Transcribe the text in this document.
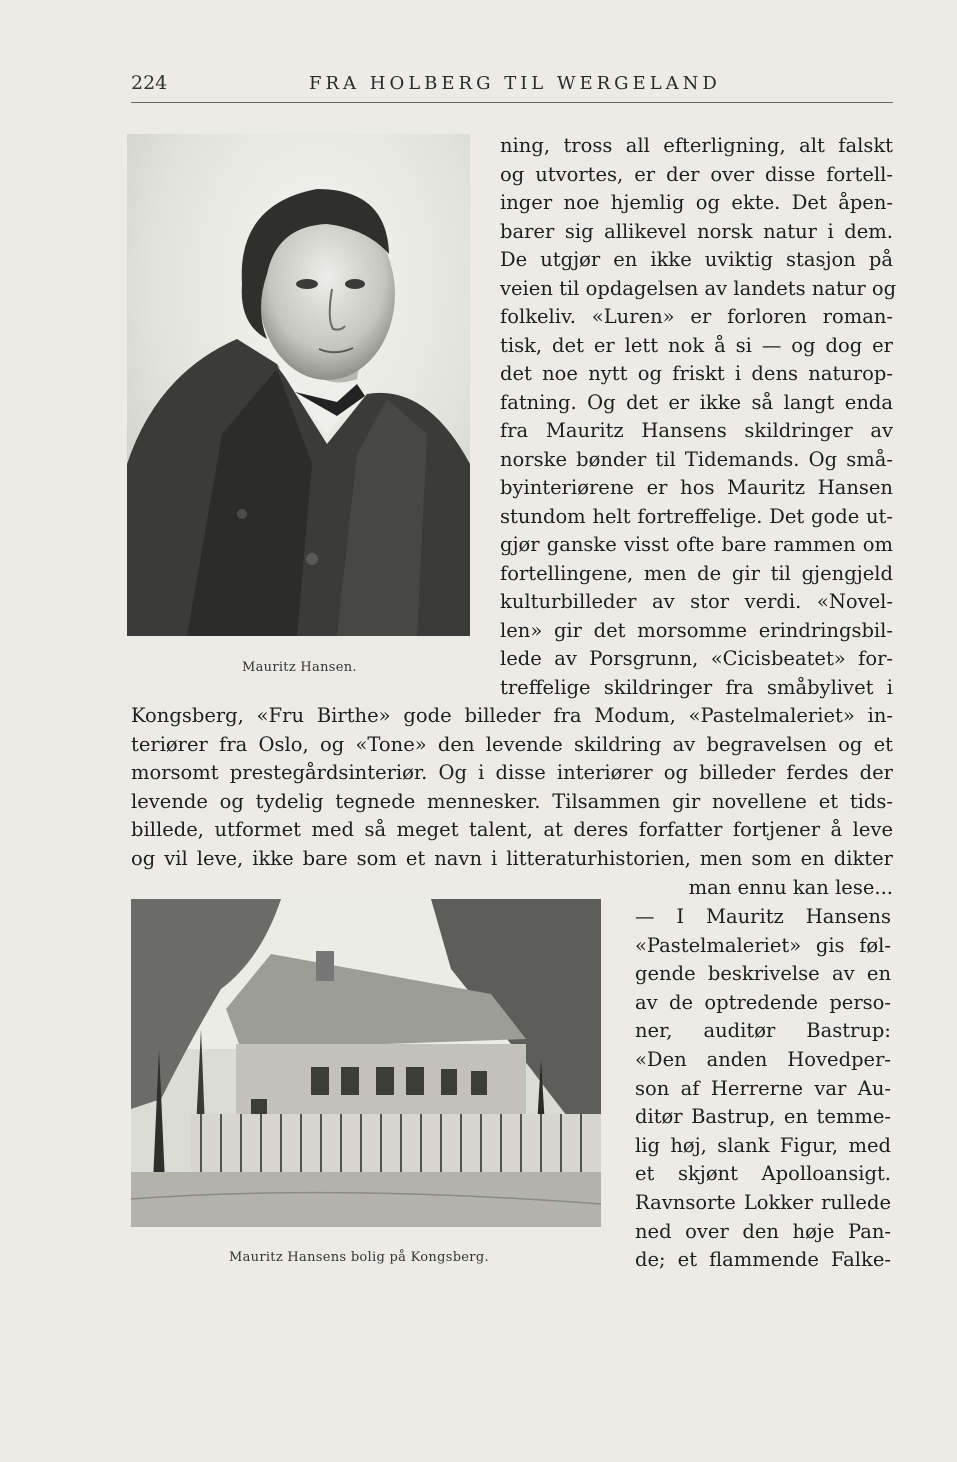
224	FRA HOLBERG TIL WERGELAND
Mauritz Hansen.
ning, tross all efterligning, alt falskt
og utvortes, er der over disse fortell-
inger noe hjemlig og ekte. Det åpen-
barer sig allikevel norsk natur i dem.
De utgjør en ikke uviktig stasjon på
veien til opdagelsen av landets natur og
folkeliv. «Luren» er forloren roman-
tisk, det er lett nok å si — og dog er
det noe nytt og friskt i dens naturop-
fatning. Og det er ikke så langt enda
fra Mauritz Hansens skildringer av
norske bønder til Tidemands. Og små-
byinteriørene er hos Mauritz Hansen
stundom helt fortreffelige. Det gode ut-
gjør ganske visst ofte bare rammen om
fortellingene, men de gir til gjengjeld
kulturbilleder av stor verdi. «Novel-
len» gir det morsomme erindringsbil-
lede av Porsgrunn, «Cicisbeatet» for-
treffelige skildringer fra småbylivet i
Kongsberg, «Fru Birthe» gode billeder fra Modum, «Pastelmaleriet» in-
teriører fra Oslo, og «Tone» den levende skildring av begravelsen og et
morsomt prestegårdsinteriør. Og i disse interiører og billeder ferdes der
levende og tydelig tegnede mennesker. Tilsammen gir novellene et tids-
billede, utformet med så meget talent, at deres forfatter fortjener å leve
og vil leve, ikke bare som et navn i litteraturhistorien, men som en dikter
man ennu kan lese...
Mauritz Hansens bolig på Kongsberg.
— I Mauritz Hansens
«Pastelmaleriet» gis føl-
gende beskrivelse av en
av de optredende perso-
ner, auditør Bastrup:
«Den anden Hovedper-
son af Herrerne var Au-
ditør Bastrup, en temme-
lig høj, slank Figur, med
et skjønt Apolloansigt.
Ravnsorte Lokker rullede
ned over den høje Pan-
de; et flammende Falke-
